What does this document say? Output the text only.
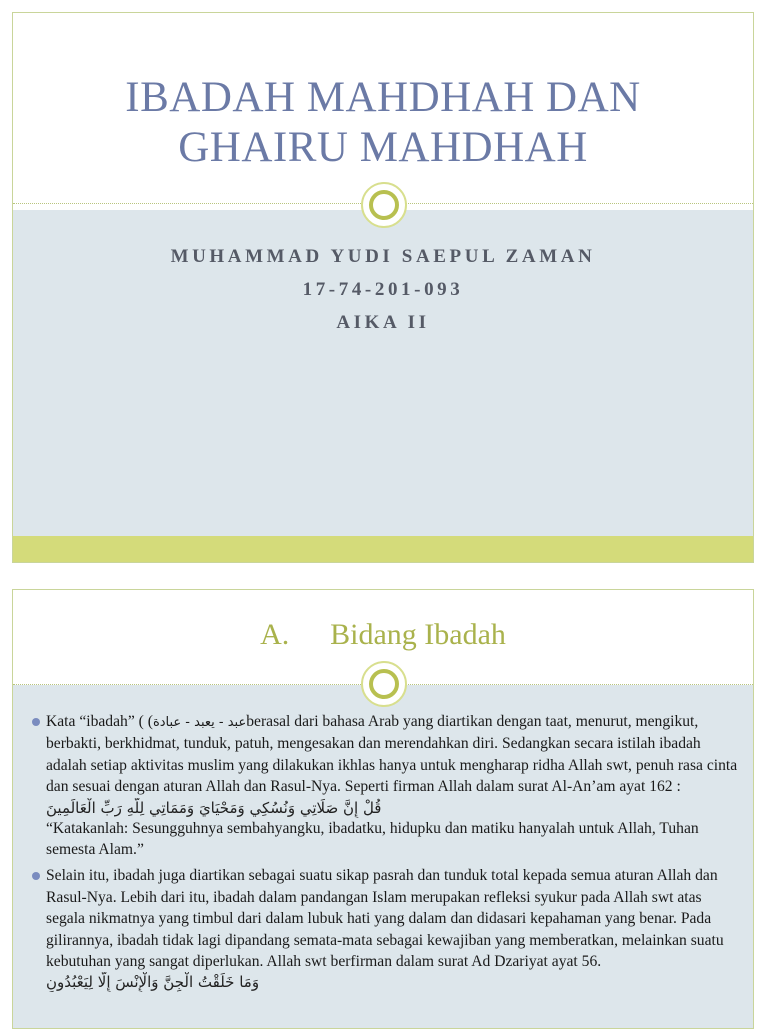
IBADAH MAHDHAH DAN
GHAIRU MAHDHAH
MUHAMMAD YUDI SAEPUL ZAMAN
17-74-201-093
AIKA II
A. Bidang Ibadah

Kata “ibadah” ( (عبد - يعبد - عبادةberasal dari bahasa Arab yang diartikan dengan taat, menurut, mengikut, berbakti, berkhidmat, tunduk, patuh, mengesakan dan merendahkan diri. Sedangkan secara istilah ibadah adalah setiap aktivitas muslim yang dilakukan ikhlas hanya untuk mengharap ridha Allah swt, penuh rasa cinta dan sesuai dengan aturan Allah dan Rasul-Nya. Seperti firman Allah dalam surat Al-An’am ayat 162 :

قُلْ إِنَّ صَلَاتِي وَنُسُكِي وَمَحْيَايَ وَمَمَاتِي لِلَّهِ رَبِّ الْعَالَمِينَ

“Katakanlah: Sesungguhnya sembahyangku, ibadatku, hidupku dan matiku hanyalah untuk Allah, Tuhan semesta Alam.”

Selain itu, ibadah juga diartikan sebagai suatu sikap pasrah dan tunduk total kepada semua aturan Allah dan Rasul-Nya. Lebih dari itu, ibadah dalam pandangan Islam merupakan refleksi syukur pada Allah swt atas segala nikmatnya yang timbul dari dalam lubuk hati yang dalam dan didasari kepahaman yang benar. Pada gilirannya, ibadah tidak lagi dipandang semata-mata sebagai kewajiban yang memberatkan, melainkan suatu kebutuhan yang sangat diperlukan. Allah swt berfirman dalam surat Ad Dzariyat ayat 56.

وَمَا خَلَقْتُ الْجِنَّ وَالْإِنْسَ إِلَّا لِيَعْبُدُونِ
